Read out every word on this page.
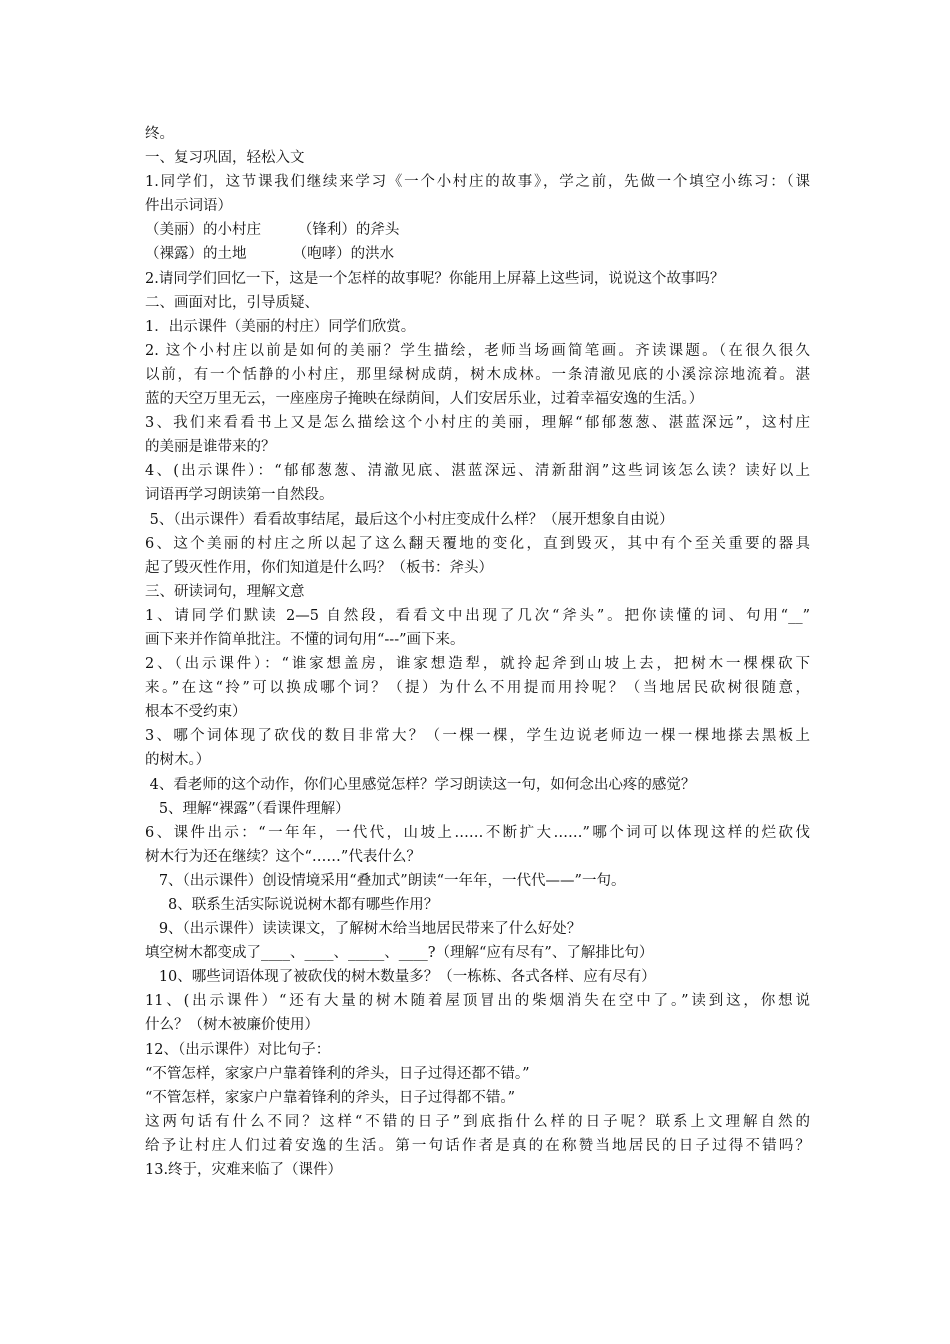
终。
一、复习巩固，轻松入文
1.同学们，这节课我们继续来学习《一个小村庄的故事》，学之前，先做一个填空小练习：（课
件出示词语）
（美丽）的小村庄        （锋利）的斧头
（裸露）的土地          （咆哮）的洪水
2.请同学们回忆一下，这是一个怎样的故事呢？你能用上屏幕上这些词，说说这个故事吗？
二、画面对比，引导质疑、
1．出示课件（美丽的村庄）同学们欣赏。
2. 这个小村庄以前是如何的美丽？学生描绘，老师当场画简笔画。齐读课题。（在很久很久
以前，有一个恬静的小村庄，那里绿树成荫，树木成林。一条清澈见底的小溪淙淙地流着。湛
蓝的天空万里无云，一座座房子掩映在绿荫间，人们安居乐业，过着幸福安逸的生活。）
3、我们来看看书上又是怎么描绘这个小村庄的美丽，理解“郁郁葱葱、湛蓝深远”，这村庄
的美丽是谁带来的？
4、(出示课件）：“郁郁葱葱、清澈见底、湛蓝深远、清新甜润”这些词该怎么读？读好以上
词语再学习朗读第一自然段。
5、（出示课件）看看故事结尾，最后这个小村庄变成什么样？（展开想象自由说）
6、这个美丽的村庄之所以起了这么翻天覆地的变化，直到毁灭，其中有个至关重要的器具
起了毁灭性作用，你们知道是什么吗？（板书：斧头）
三、研读词句，理解文意
1、请同学们默读 2—5 自然段，看看文中出现了几次“斧头”。把你读懂的词、句用“__”
画下来并作简单批注。不懂的词句用“---”画下来。
2、（出示课件）：“谁家想盖房，谁家想造犁，就拎起斧到山坡上去，把树木一棵棵砍下
来。”在这“拎”可以换成哪个词？（提）为什么不用提而用拎呢？（当地居民砍树很随意，
根本不受约束）
3、哪个词体现了砍伐的数目非常大？（一棵一棵，学生边说老师边一棵一棵地搽去黑板上
的树木。）
4、看老师的这个动作，你们心里感觉怎样？学习朗读这一句，如何念出心疼的感觉？
5、理解“裸露”（看课件理解）
6、课件出示：“一年年，一代代，山坡上……不断扩大……”哪个词可以体现这样的烂砍伐
树木行为还在继续？这个“……”代表什么？
7、（出示课件）创设情境采用“叠加式”朗读“一年年，一代代——”一句。
8、联系生活实际说说树木都有哪些作用？
9、（出示课件）读读课文，了解树木给当地居民带来了什么好处？
填空树木都变成了____、____、_____、____?（理解“应有尽有”、了解排比句）
10、哪些词语体现了被砍伐的树木数量多？（一栋栋、各式各样、应有尽有）
11、(出示课件）“还有大量的树木随着屋顶冒出的柴烟消失在空中了。”读到这，你想说
什么？（树木被廉价使用）
12、（出示课件）对比句子：
“不管怎样，家家户户靠着锋利的斧头，日子过得还都不错。”
“不管怎样，家家户户靠着锋利的斧头，日子过得都不错。”
这两句话有什么不同？这样“不错的日子”到底指什么样的日子呢？联系上文理解自然的
给予让村庄人们过着安逸的生活。第一句话作者是真的在称赞当地居民的日子过得不错吗？
13.终于，灾难来临了（课件）
